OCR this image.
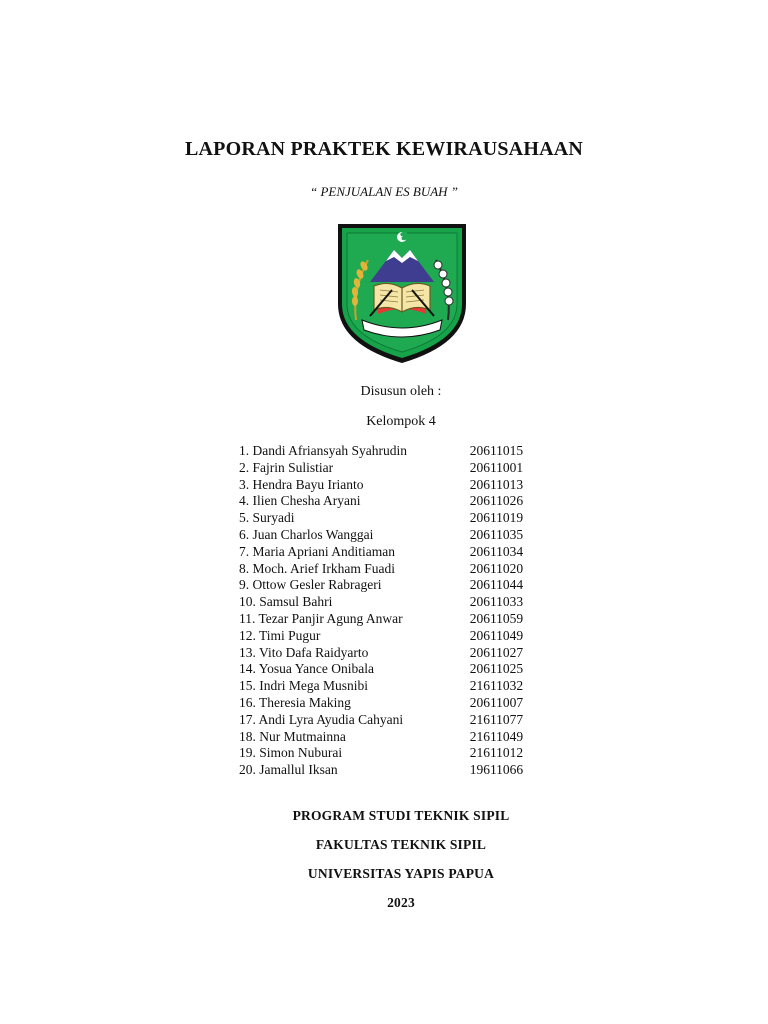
LAPORAN PRAKTEK KEWIRAUSAHAAN
“ PENJUALAN ES BUAH ”
Disusun oleh :
Kelompok 4
1. Dandi Afriansyah Syahrudin	20611015
2. Fajrin Sulistiar	20611001
3. Hendra Bayu Irianto	20611013
4. Ilien Chesha Aryani	20611026
5. Suryadi	20611019
6. Juan Charlos Wanggai	20611035
7. Maria Apriani Anditiaman	20611034
8. Moch. Arief Irkham Fuadi	20611020
9. Ottow Gesler Rabrageri	20611044
10. Samsul Bahri	20611033
11. Tezar Panjir Agung Anwar	20611059
12. Timi Pugur	20611049
13. Vito Dafa Raidyarto	20611027
14. Yosua Yance Onibala	20611025
15. Indri Mega Musnibi	21611032
16. Theresia Making	20611007
17. Andi Lyra Ayudia Cahyani	21611077
18. Nur Mutmainna	21611049
19. Simon Nuburai	21611012
20. Jamallul Iksan	19611066
PROGRAM STUDI TEKNIK SIPIL
FAKULTAS TEKNIK SIPIL
UNIVERSITAS YAPIS PAPUA
2023
